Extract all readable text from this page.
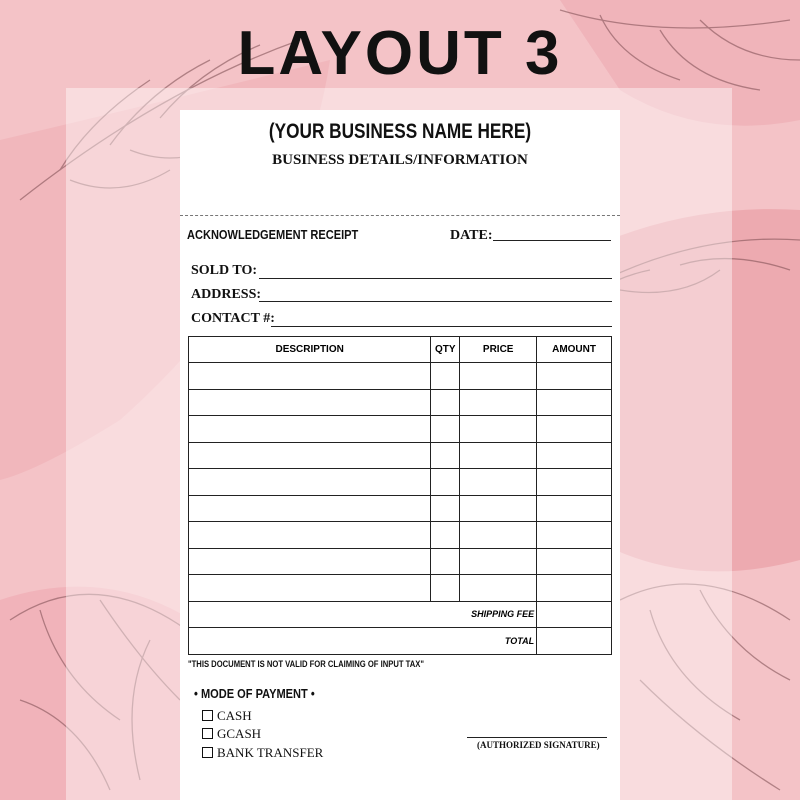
LAYOUT 3
(YOUR BUSINESS NAME HERE)
BUSINESS DETAILS/INFORMATION
ACKNOWLEDGEMENT RECEIPT	DATE:
SOLD TO:
ADDRESS:
CONTACT #:
DESCRIPTION	QTY	PRICE	AMOUNT

SHIPPING FEE			
TOTAL			
"THIS DOCUMENT IS NOT VALID FOR CLAIMING OF INPUT TAX"
• MODE OF PAYMENT •
CASH
GCASH
BANK TRANSFER	(AUTHORIZED SIGNATURE)
